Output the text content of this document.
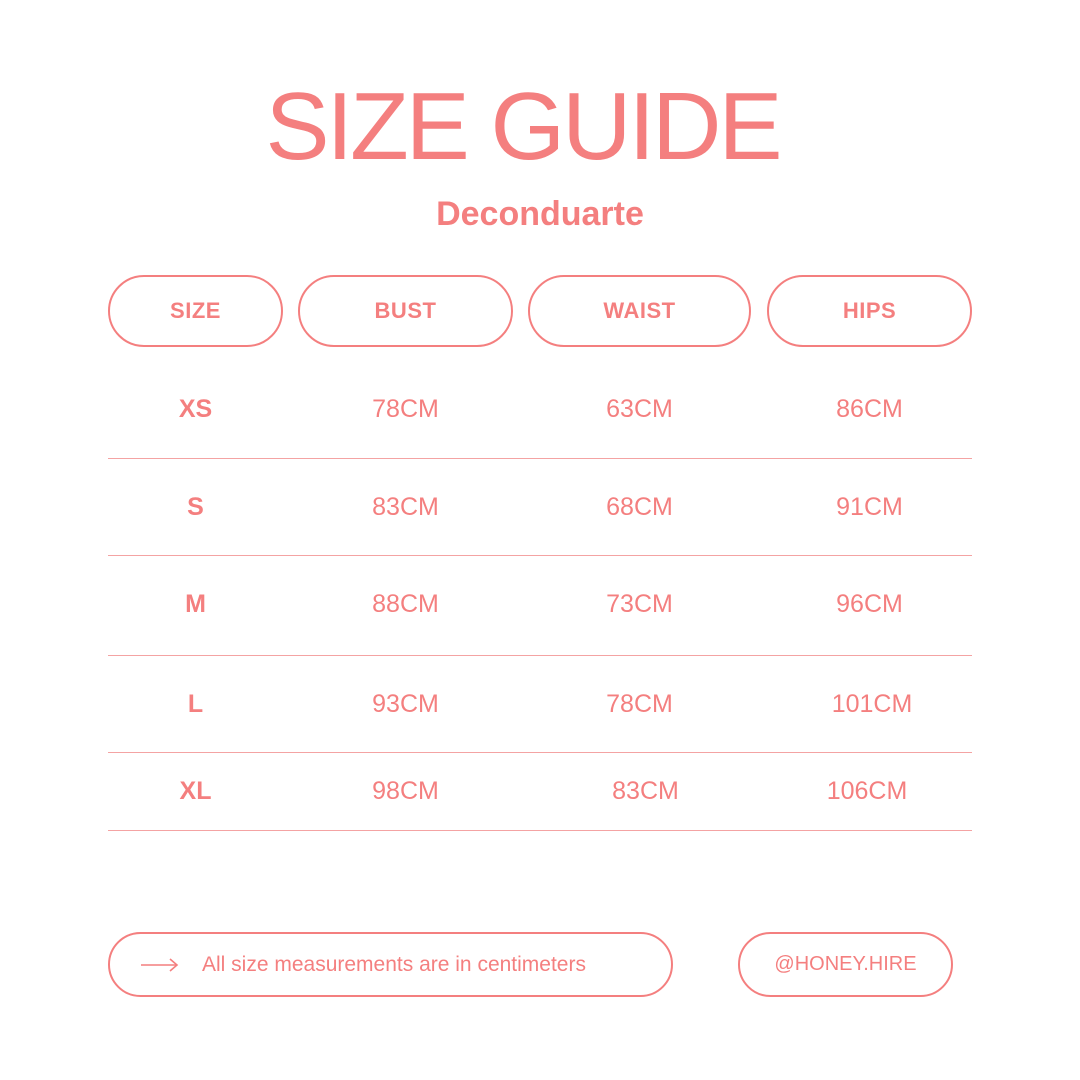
SIZE GUIDE
Deconduarte
SIZE	BUST	WAIST	HIPS
XS	78CM	63CM	86CM
S	83CM	68CM	91CM
M	88CM	73CM	96CM
L	93CM	78CM	101CM
XL	98CM	83CM	106CM
All size measurements are in centimeters	@HONEY.HIRE
